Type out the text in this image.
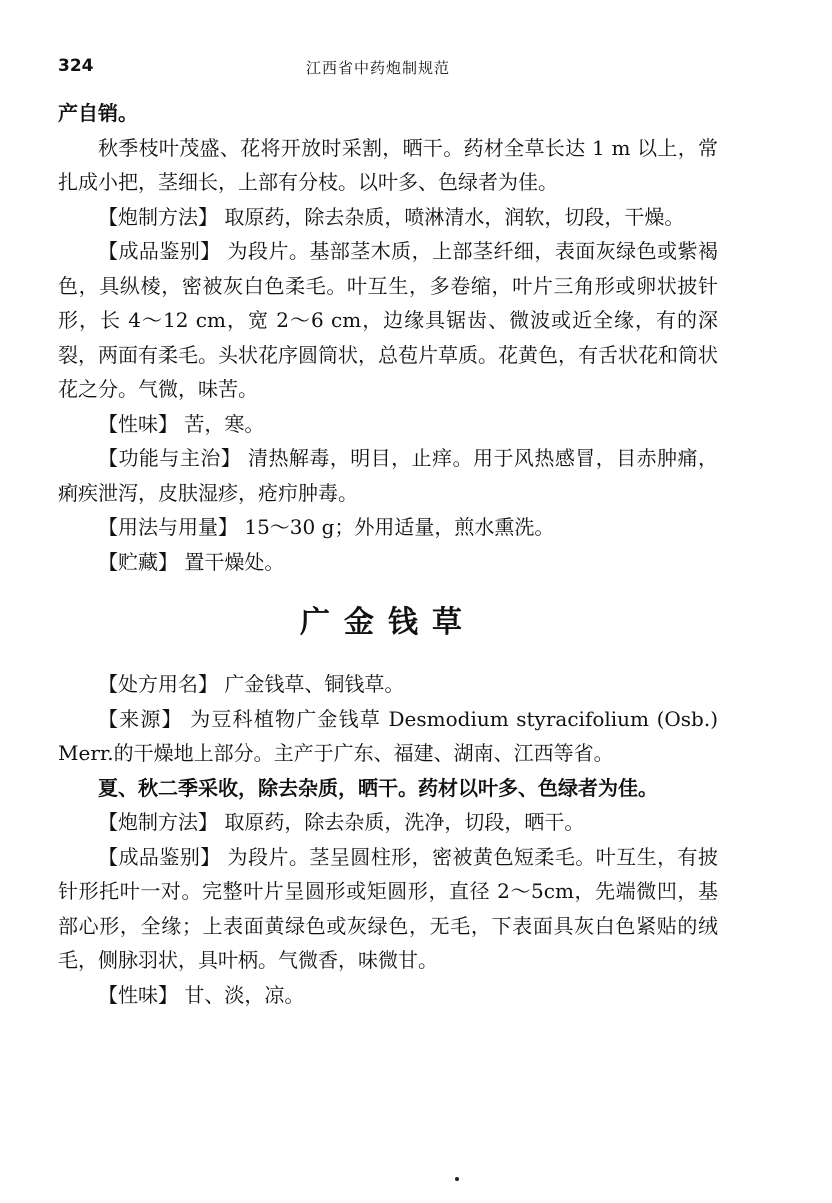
324	江西省中药炮制规范

产自销。

秋季枝叶茂盛、花将开放时采割，晒干。药材全草长达 1 m 以上，常扎成小把，茎细长，上部有分枝。以叶多、色绿者为佳。

【炮制方法】 取原药，除去杂质，喷淋清水，润软，切段，干燥。

【成品鉴别】 为段片。基部茎木质，上部茎纤细，表面灰绿色或紫褐色，具纵棱，密被灰白色柔毛。叶互生，多卷缩，叶片三角形或卵状披针形，长 4～12 cm，宽 2～6 cm，边缘具锯齿、微波或近全缘，有的深裂，两面有柔毛。头状花序圆筒状，总苞片草质。花黄色，有舌状花和筒状花之分。气微，味苦。

【性味】 苦，寒。

【功能与主治】 清热解毒，明目，止痒。用于风热感冒，目赤肿痛，痢疾泄泻，皮肤湿疹，疮疖肿毒。

【用法与用量】 15～30 g；外用适量，煎水熏洗。

【贮藏】 置干燥处。

广金钱草

【处方用名】 广金钱草、铜钱草。

【来源】 为豆科植物广金钱草 Desmodium styracifolium (Osb.) Merr.的干燥地上部分。主产于广东、福建、湖南、江西等省。

夏、秋二季采收，除去杂质，晒干。药材以叶多、色绿者为佳。

【炮制方法】 取原药，除去杂质，洗净，切段，晒干。

【成品鉴别】 为段片。茎呈圆柱形，密被黄色短柔毛。叶互生，有披针形托叶一对。完整叶片呈圆形或矩圆形，直径 2～5cm，先端微凹，基部心形，全缘；上表面黄绿色或灰绿色，无毛，下表面具灰白色紧贴的绒毛，侧脉羽状，具叶柄。气微香，味微甘。

【性味】 甘、淡，凉。
